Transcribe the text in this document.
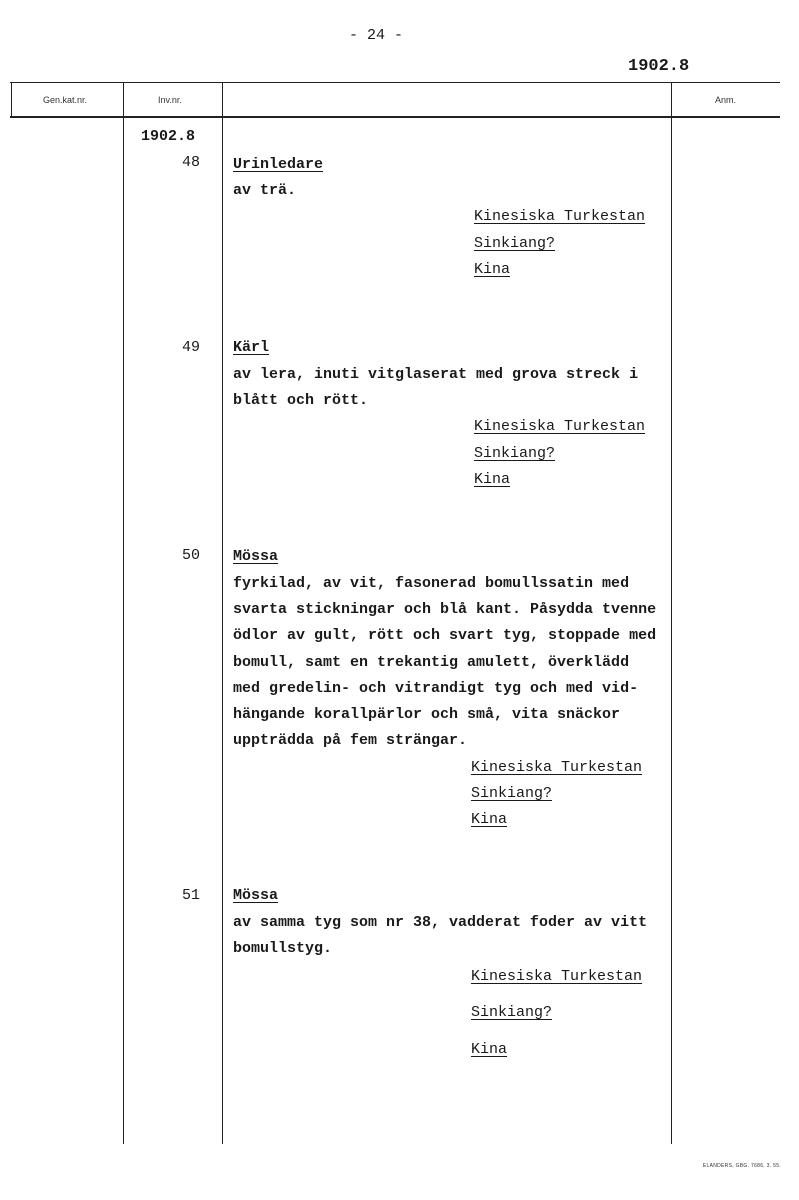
- 24 -
1902.8
Gen.kat.nr.	Inv.nr.	Anm.
1902.8
48 Urinledare
av trä.
Kinesiska Turkestan
Sinkiang?
Kina
49 Kärl
av lera, inuti vitglaserat med grova streck i
blått och rött.
Kinesiska Turkestan
Sinkiang?
Kina
50 Mössa
fyrkilad, av vit, fasonerad bomullssatin med
svarta stickningar och blå kant. Påsydda tvenne
ödlor av gult, rött och svart tyg, stoppade med
bomull, samt en trekantig amulett, överklädd
med gredelin- och vitrandigt tyg och med vid-
hängande korallpärlor och små, vita snäckor
uppträdda på fem strängar.
Kinesiska Turkestan
Sinkiang?
Kina
51 Mössa
av samma tyg som nr 38, vadderat foder av vitt
bomullstyg.
Kinesiska Turkestan
Sinkiang?
Kina
ELANDERS, GBG. 7686. 3. 55.
